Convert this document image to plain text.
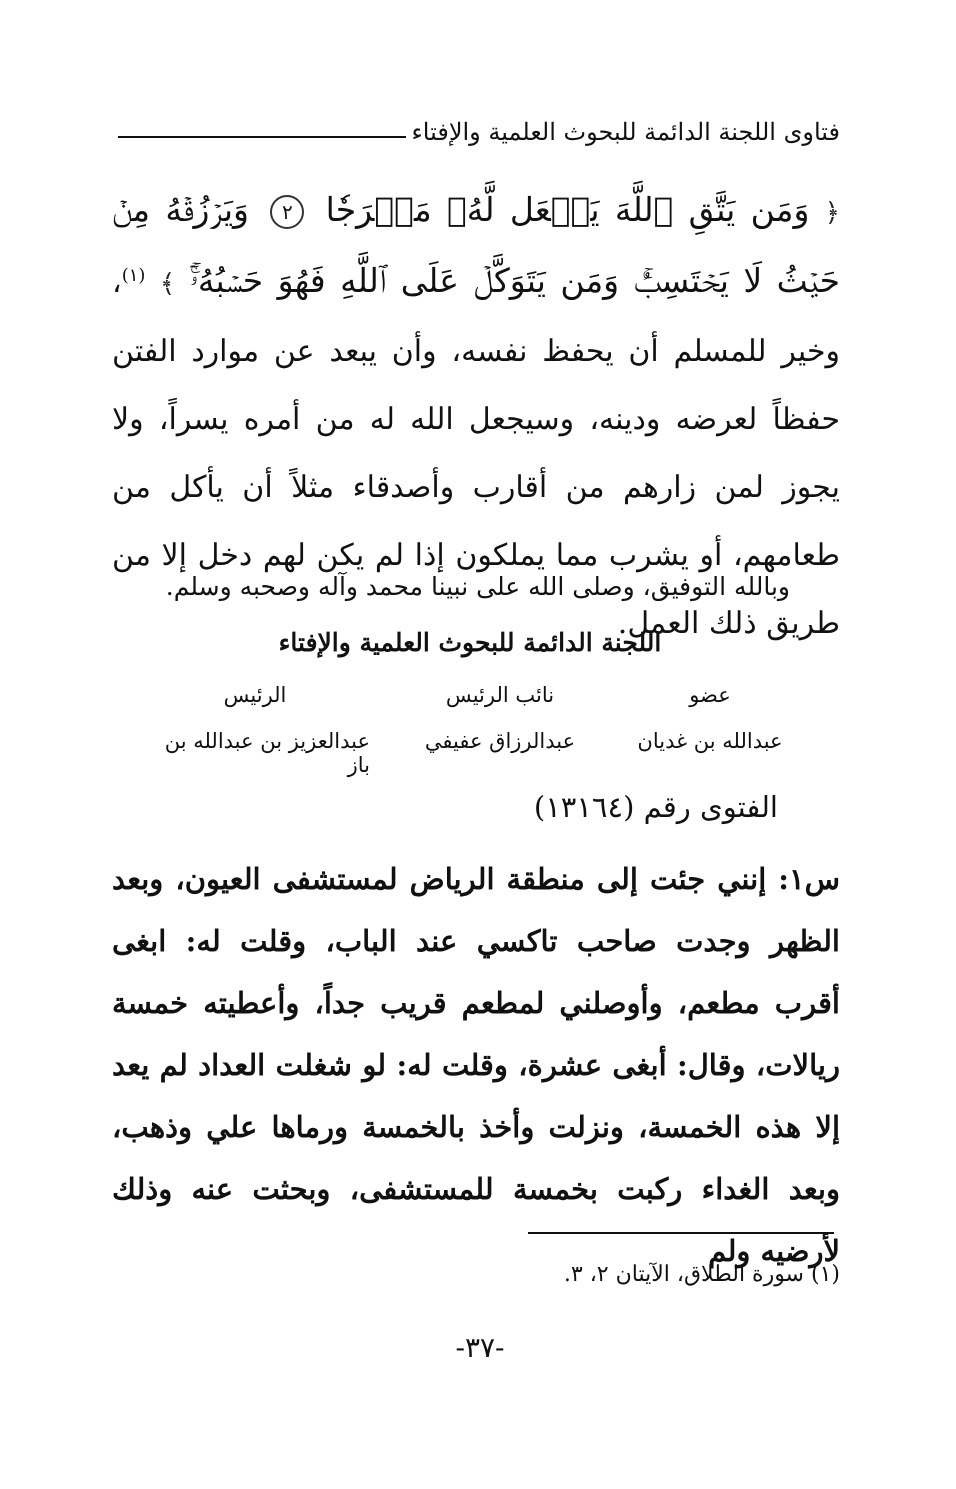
فتاوى اللجنة الدائمة للبحوث العلمية والإفتاء
﴿ وَمَن يَتَّقِ ٱللَّهَ يَجۡعَل لَّهُۥ مَخۡرَجٗا ٢ وَيَرۡزُقۡهُ مِنۡ حَيۡثُ لَا يَحۡتَسِبُۚ وَمَن يَتَوَكَّلۡ عَلَى ٱللَّهِ فَهُوَ حَسۡبُهُۥٓۚ ﴾ $^{(١)}$، وخير للمسلم أن يحفظ نفسه، وأن يبعد عن موارد الفتن حفظاً لعرضه ودينه، وسيجعل الله له من أمره يسراً، ولا يجوز لمن زارهم من أقارب وأصدقاء مثلاً أن يأكل من طعامهم، أو يشرب مما يملكون إذا لم يكن لهم دخل إلا من طريق ذلك العمل.
وبالله التوفيق، وصلى الله على نبينا محمد وآله وصحبه وسلم.
اللجنة الدائمة للبحوث العلمية والإفتاء
عضو
عبدالله بن غديان
نائب الرئيس
عبدالرزاق عفيفي
الرئيس
عبدالعزيز بن عبدالله بن باز
الفتوى رقم (١٣١٦٤)
س١: إنني جئت إلى منطقة الرياض لمستشفى العيون، وبعد الظهر وجدت صاحب تاكسي عند الباب، وقلت له: ابغى أقرب مطعم، وأوصلني لمطعم قريب جداً، وأعطيته خمسة ريالات، وقال: أبغى عشرة، وقلت له: لو شغلت العداد لم يعد إلا هذه الخمسة، ونزلت وأخذ بالخمسة ورماها علي وذهب، وبعد الغداء ركبت بخمسة للمستشفى، وبحثت عنه وذلك لأرضيه ولم
(١) سورة الطلاق، الآيتان ٢، ٣.
-٣٧-
